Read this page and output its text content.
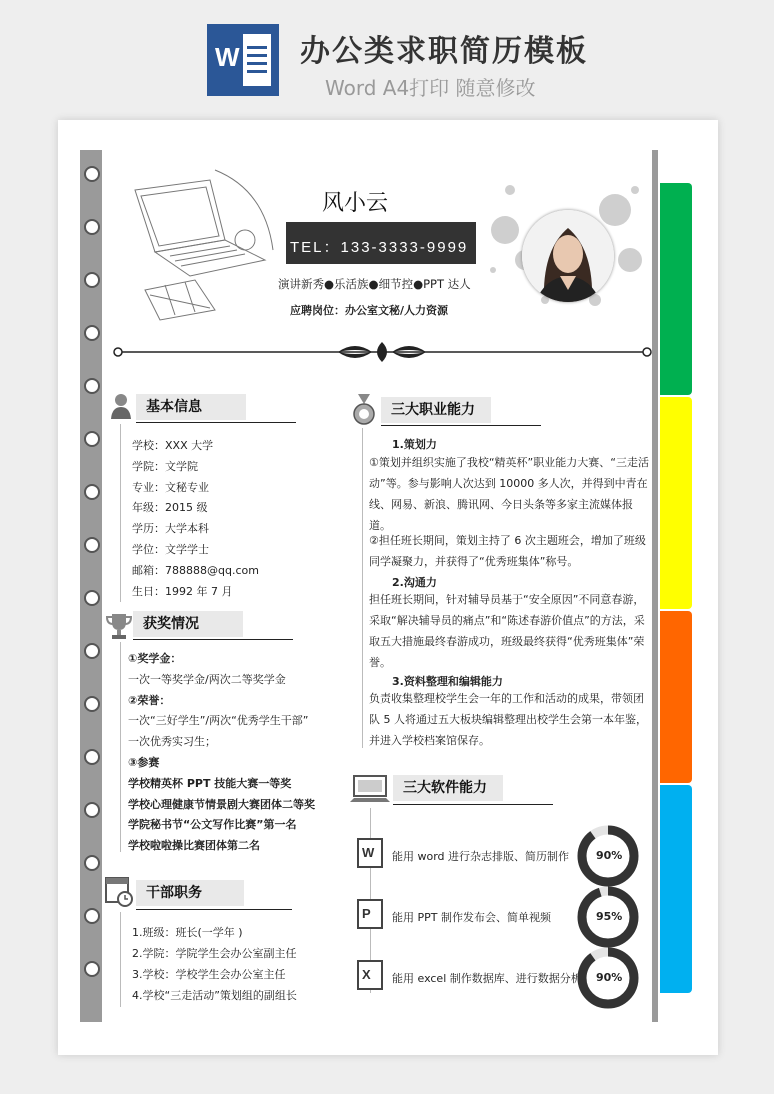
W 办公类求职简历模板
Word A4打印 随意修改
风小云
TEL：133-3333-9999
演讲新秀●乐活族●细节控●PPT 达人
应聘岗位：办公室文秘/人力资源
基本信息
学校：XXX 大学
学院：文学院
专业：文秘专业
年级：2015 级
学历：大学本科
学位：文学学士
邮箱：788888@qq.com
生日：1992 年 7 月
获奖情况
①奖学金：
一次一等奖学金/两次二等奖学金
②荣誉：
一次“三好学生”/两次“优秀学生干部”
一次优秀实习生；
③参赛
学校精英杯 PPT 技能大赛一等奖
学校心理健康节情景剧大赛团体二等奖
学院秘书节“公文写作比赛”第一名
学校啦啦操比赛团体第二名
干部职务
1.班级：班长(一学年 )
2.学院：学院学生会办公室副主任
3.学校：学校学生会办公室主任
4.学校“三走活动”策划组的副组长
三大职业能力
1.策划力
①策划并组织实施了我校“精英杯”职业能力大赛、“三走活动”等。参与影响人次达到 10000 多人次，并得到中青在线、网易、新浪、腾讯网、今日头条等多家主流媒体报道。
②担任班长期间，策划主持了 6 次主题班会，增加了班级同学凝聚力，并获得了“优秀班集体”称号。
2.沟通力
担任班长期间，针对辅导员基于“安全原因”不同意春游，采取“解决辅导员的痛点”和“陈述春游价值点”的方法，采取五大措施最终春游成功，班级最终获得“优秀班集体”荣誉。
3.资料整理和编辑能力
负责收集整理校学生会一年的工作和活动的成果，带领团队 5 人将通过五大板块编辑整理出校学生会第一本年鉴，并进入学校档案馆保存。
三大软件能力
W 能用 word 进行杂志排版、简历制作 90%
P 能用 PPT 制作发布会、简单视频	95%
X 能用 excel 制作数据库、进行数据分析 90%
